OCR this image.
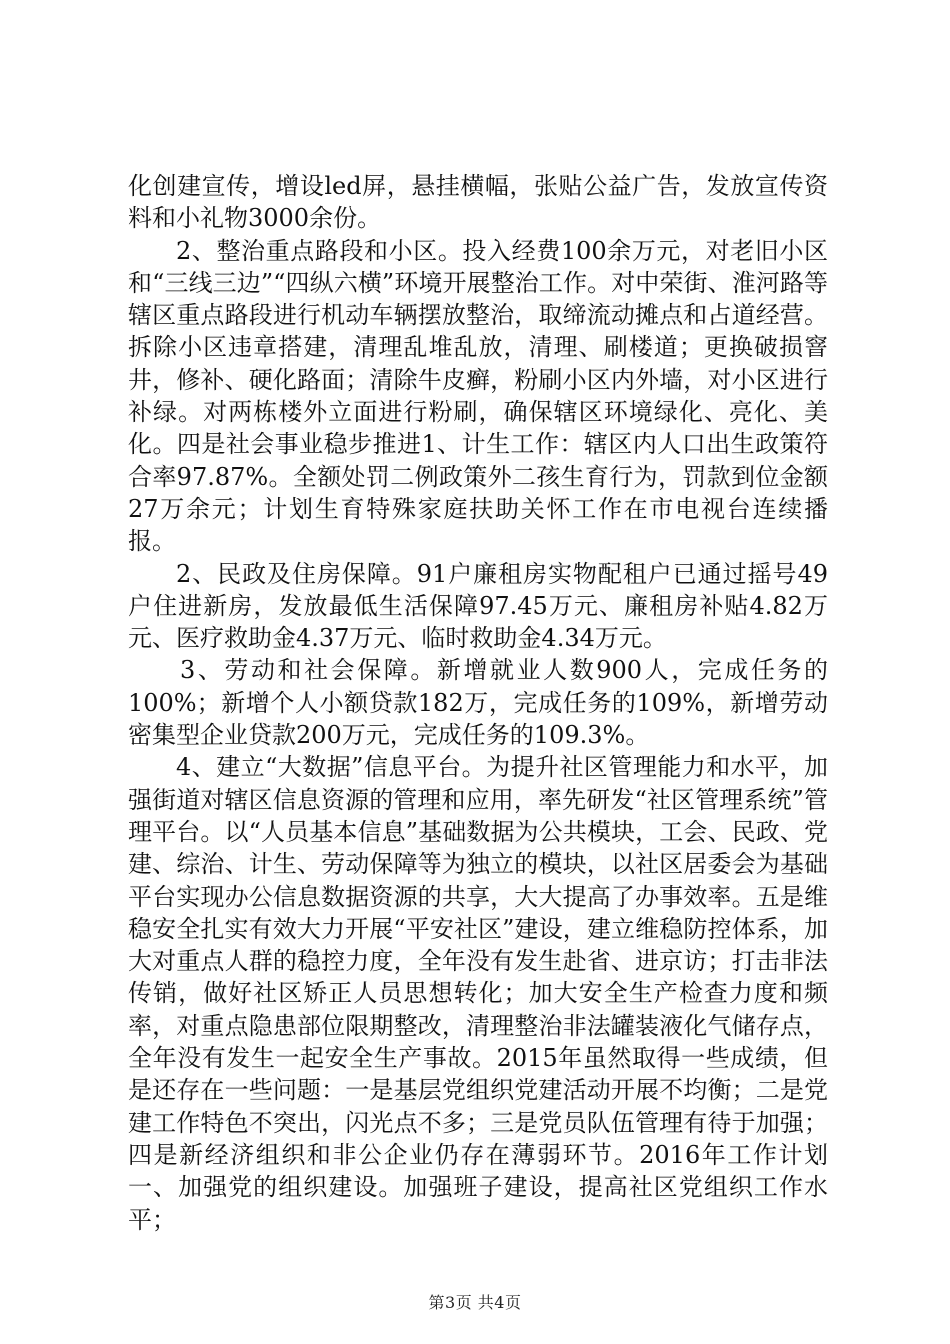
化创建宣传，增设led屏，悬挂横幅，张贴公益广告，发放宣传资料和小礼物3000余份。

2、整治重点路段和小区。投入经费100余万元，对老旧小区和“三线三边”“四纵六横”环境开展整治工作。对中荣街、淮河路等辖区重点路段进行机动车辆摆放整治，取缔流动摊点和占道经营。拆除小区违章搭建，清理乱堆乱放，清理、刷楼道；更换破损窨井，修补、硬化路面；清除牛皮癣，粉刷小区内外墙，对小区进行补绿。对两栋楼外立面进行粉刷，确保辖区环境绿化、亮化、美化。四是社会事业稳步推进1、计生工作：辖区内人口出生政策符合率97.87%。全额处罚二例政策外二孩生育行为，罚款到位金额27万余元；计划生育特殊家庭扶助关怀工作在市电视台连续播报。

2、民政及住房保障。91户廉租房实物配租户已通过摇号49户住进新房，发放最低生活保障97.45万元、廉租房补贴4.82万元、医疗救助金4.37万元、临时救助金4.34万元。

3、劳动和社会保障。新增就业人数900人，完成任务的100%；新增个人小额贷款182万，完成任务的109%，新增劳动密集型企业贷款200万元，完成任务的109.3%。

4、建立“大数据”信息平台。为提升社区管理能力和水平，加强街道对辖区信息资源的管理和应用，率先研发“社区管理系统”管理平台。以“人员基本信息”基础数据为公共模块，工会、民政、党建、综治、计生、劳动保障等为独立的模块，以社区居委会为基础平台实现办公信息数据资源的共享，大大提高了办事效率。五是维稳安全扎实有效大力开展“平安社区”建设，建立维稳防控体系，加大对重点人群的稳控力度，全年没有发生赴省、进京访；打击非法传销，做好社区矫正人员思想转化；加大安全生产检查力度和频率，对重点隐患部位限期整改，清理整治非法罐装液化气储存点，全年没有发生一起安全生产事故。2015年虽然取得一些成绩，但是还存在一些问题：一是基层党组织党建活动开展不均衡；二是党建工作特色不突出，闪光点不多；三是党员队伍管理有待于加强；四是新经济组织和非公企业仍存在薄弱环节。2016年工作计划一、加强党的组织建设。加强班子建设，提高社区党组织工作水平；

第3页 共4页
